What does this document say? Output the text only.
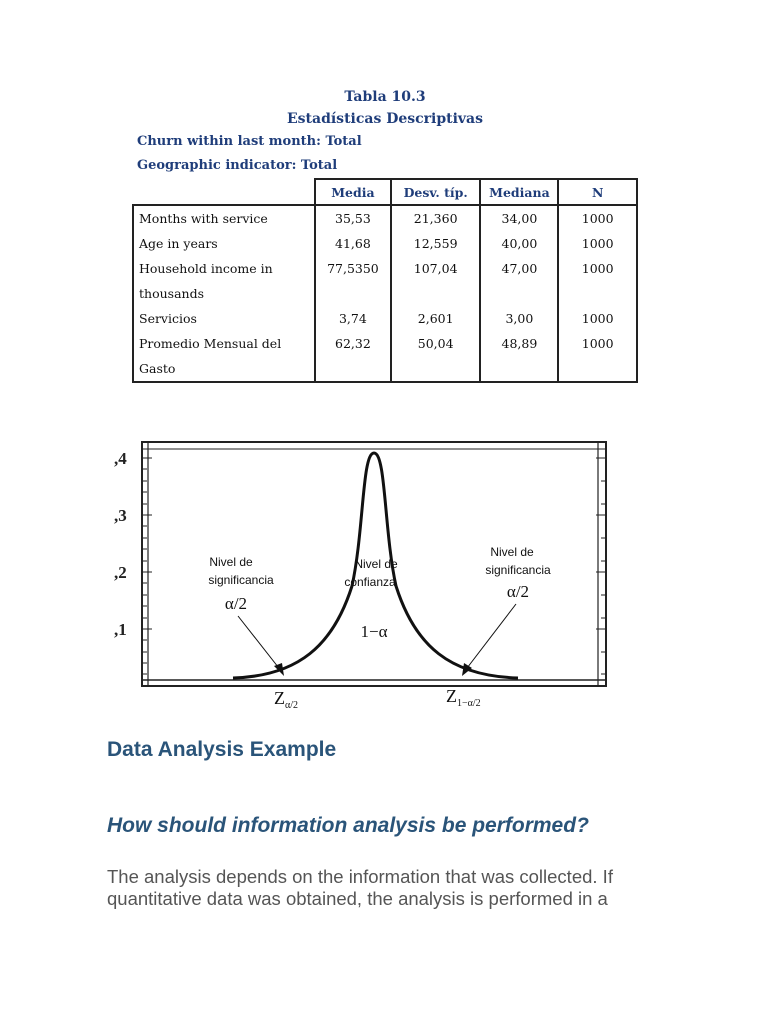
Tabla 10.3
Estadísticas Descriptivas
Churn within last month: Total
Geographic indicator: Total
	Media	Desv. típ.	Mediana	N
Months with service	35,53	21,360	34,00	1000
Age in years	41,68	12,559	40,00	1000
Household income in thousands	77,5350	107,04	47,00	1000
Servicios	3,74	2,601	3,00	1000
Promedio Mensual del Gasto	62,32	50,04	48,89	1000
,4
,3
,2
,1
Nivel de
significancia
Nivel de
confianza
Nivel de
significancia
α/2
1−α
α/2
$Z_{\alpha/2}$	$Z_{1-\alpha/2}$
Data Analysis Example
How should information analysis be performed?

The analysis depends on the information that was collected. If quantitative data was obtained, the analysis is performed in a
